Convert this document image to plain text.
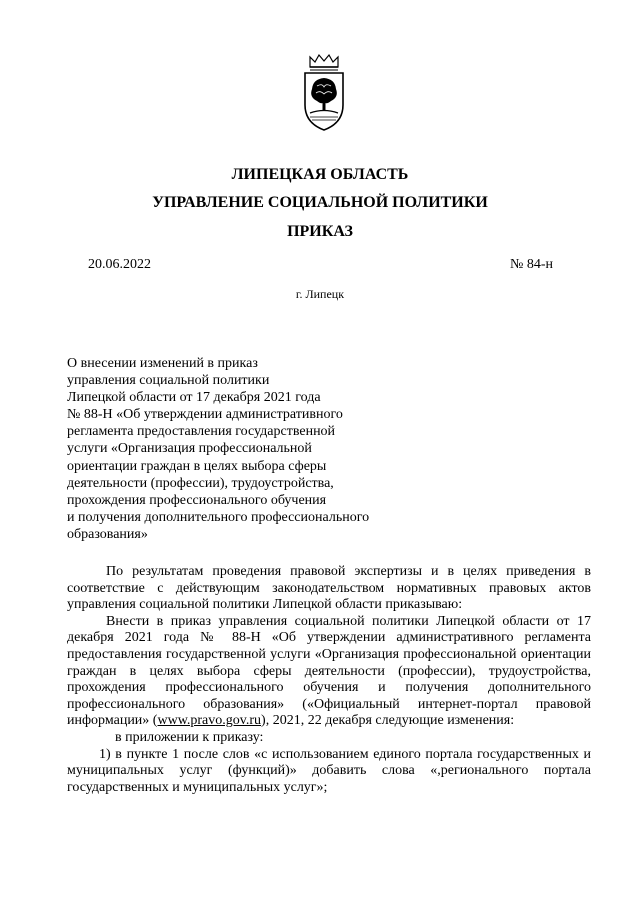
ЛИПЕЦКАЯ ОБЛАСТЬ
УПРАВЛЕНИЕ СОЦИАЛЬНОЙ ПОЛИТИКИ
ПРИКАЗ
20.06.2022	№ 84-н
г. Липецк
О внесении изменений в приказ
управления социальной политики
Липецкой области от 17 декабря 2021 года
№ 88-Н «Об утверждении административного
регламента предоставления государственной
услуги «Организация профессиональной
ориентации граждан в целях выбора сферы
деятельности (профессии), трудоустройства,
прохождения профессионального обучения
и получения дополнительного профессионального
образования»
По результатам проведения правовой экспертизы и в целях приведения в соответствие с действующим законодательством нормативных правовых актов управления социальной политики Липецкой области приказываю:
Внести в приказ управления социальной политики Липецкой области от 17 декабря 2021 года № 88-Н «Об утверждении административного регламента предоставления государственной услуги «Организация профессиональной ориентации граждан в целях выбора сферы деятельности (профессии), трудоустройства, прохождения профессионального обучения и получения дополнительного профессионального образования» («Официальный интернет-портал правовой информации» (www.pravo.gov.ru), 2021, 22 декабря следующие изменения:
в приложении к приказу:
1) в пункте 1 после слов «с использованием единого портала государственных и муниципальных услуг (функций)» добавить слова «,регионального портала государственных и муниципальных услуг»;
